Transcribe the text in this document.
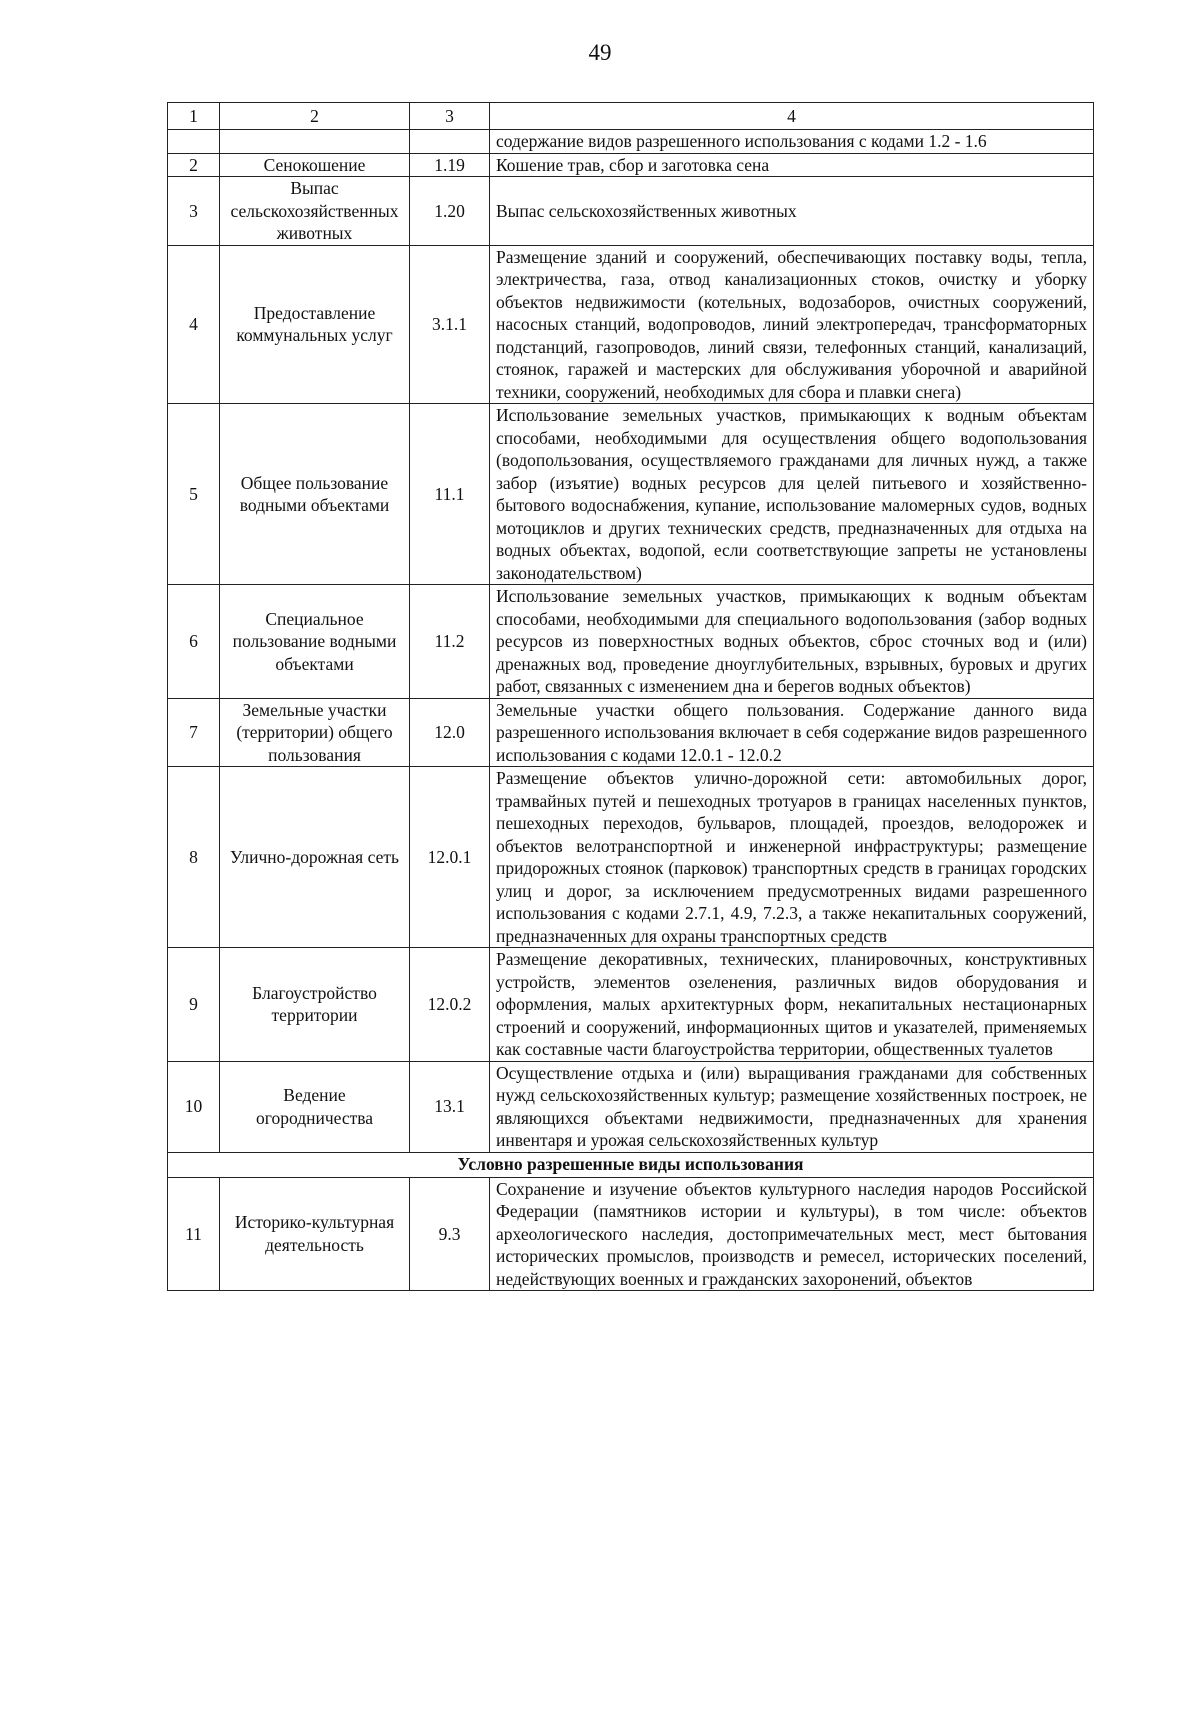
49
1	2	3	4
			содержание видов разрешенного использования с кодами 1.2 - 1.6
2	Сенокошение	1.19	Кошение трав, сбор и заготовка сена
3	Выпас сельскохозяйственных животных	1.20	Выпас сельскохозяйственных животных
4	Предоставление коммунальных услуг	3.1.1	Размещение зданий и сооружений, обеспечивающих поставку воды, тепла, электричества, газа, отвод канализационных стоков, очистку и уборку объектов недвижимости (котельных, водозаборов, очистных сооружений, насосных станций, водопроводов, линий электропередач, трансформаторных подстанций, газопроводов, линий связи, телефонных станций, канализаций, стоянок, гаражей и мастерских для обслуживания уборочной и аварийной техники, сооружений, необходимых для сбора и плавки снега)
5	Общее пользование водными объектами	11.1	Использование земельных участков, примыкающих к водным объектам способами, необходимыми для осуществления общего водопользования (водопользования, осуществляемого гражданами для личных нужд, а также забор (изъятие) водных ресурсов для целей питьевого и хозяйственно-бытового водоснабжения, купание, использование маломерных судов, водных мотоциклов и других технических средств, предназначенных для отдыха на водных объектах, водопой, если соответствующие запреты не установлены законодательством)
6	Специальное пользование водными объектами	11.2	Использование земельных участков, примыкающих к водным объектам способами, необходимыми для специального водопользования (забор водных ресурсов из поверхностных водных объектов, сброс сточных вод и (или) дренажных вод, проведение дноуглубительных, взрывных, буровых и других работ, связанных с изменением дна и берегов водных объектов)
7	Земельные участки (территории) общего пользования	12.0	Земельные участки общего пользования. Содержание данного вида разрешенного использования включает в себя содержание видов разрешенного использования с кодами 12.0.1 - 12.0.2
8	Улично-дорожная сеть	12.0.1	Размещение объектов улично-дорожной сети: автомобильных дорог, трамвайных путей и пешеходных тротуаров в границах населенных пунктов, пешеходных переходов, бульваров, площадей, проездов, велодорожек и объектов велотранспортной и инженерной инфраструктуры; размещение придорожных стоянок (парковок) транспортных средств в границах городских улиц и дорог, за исключением предусмотренных видами разрешенного использования с кодами 2.7.1, 4.9, 7.2.3, а также некапитальных сооружений, предназначенных для охраны транспортных средств
9	Благоустройство территории	12.0.2	Размещение декоративных, технических, планировочных, конструктивных устройств, элементов озеленения, различных видов оборудования и оформления, малых архитектурных форм, некапитальных нестационарных строений и сооружений, информационных щитов и указателей, применяемых как составные части благоустройства территории, общественных туалетов
10	Ведение огородничества	13.1	Осуществление отдыха и (или) выращивания гражданами для собственных нужд сельскохозяйственных культур; размещение хозяйственных построек, не являющихся объектами недвижимости, предназначенных для хранения инвентаря и урожая сельскохозяйственных культур
Условно разрешенные виды использования			
11	Историко-культурная деятельность	9.3	Сохранение и изучение объектов культурного наследия народов Российской Федерации (памятников истории и культуры), в том числе: объектов археологического наследия, достопримечательных мест, мест бытования исторических промыслов, производств и ремесел, исторических поселений, недействующих военных и гражданских захоронений, объектов
